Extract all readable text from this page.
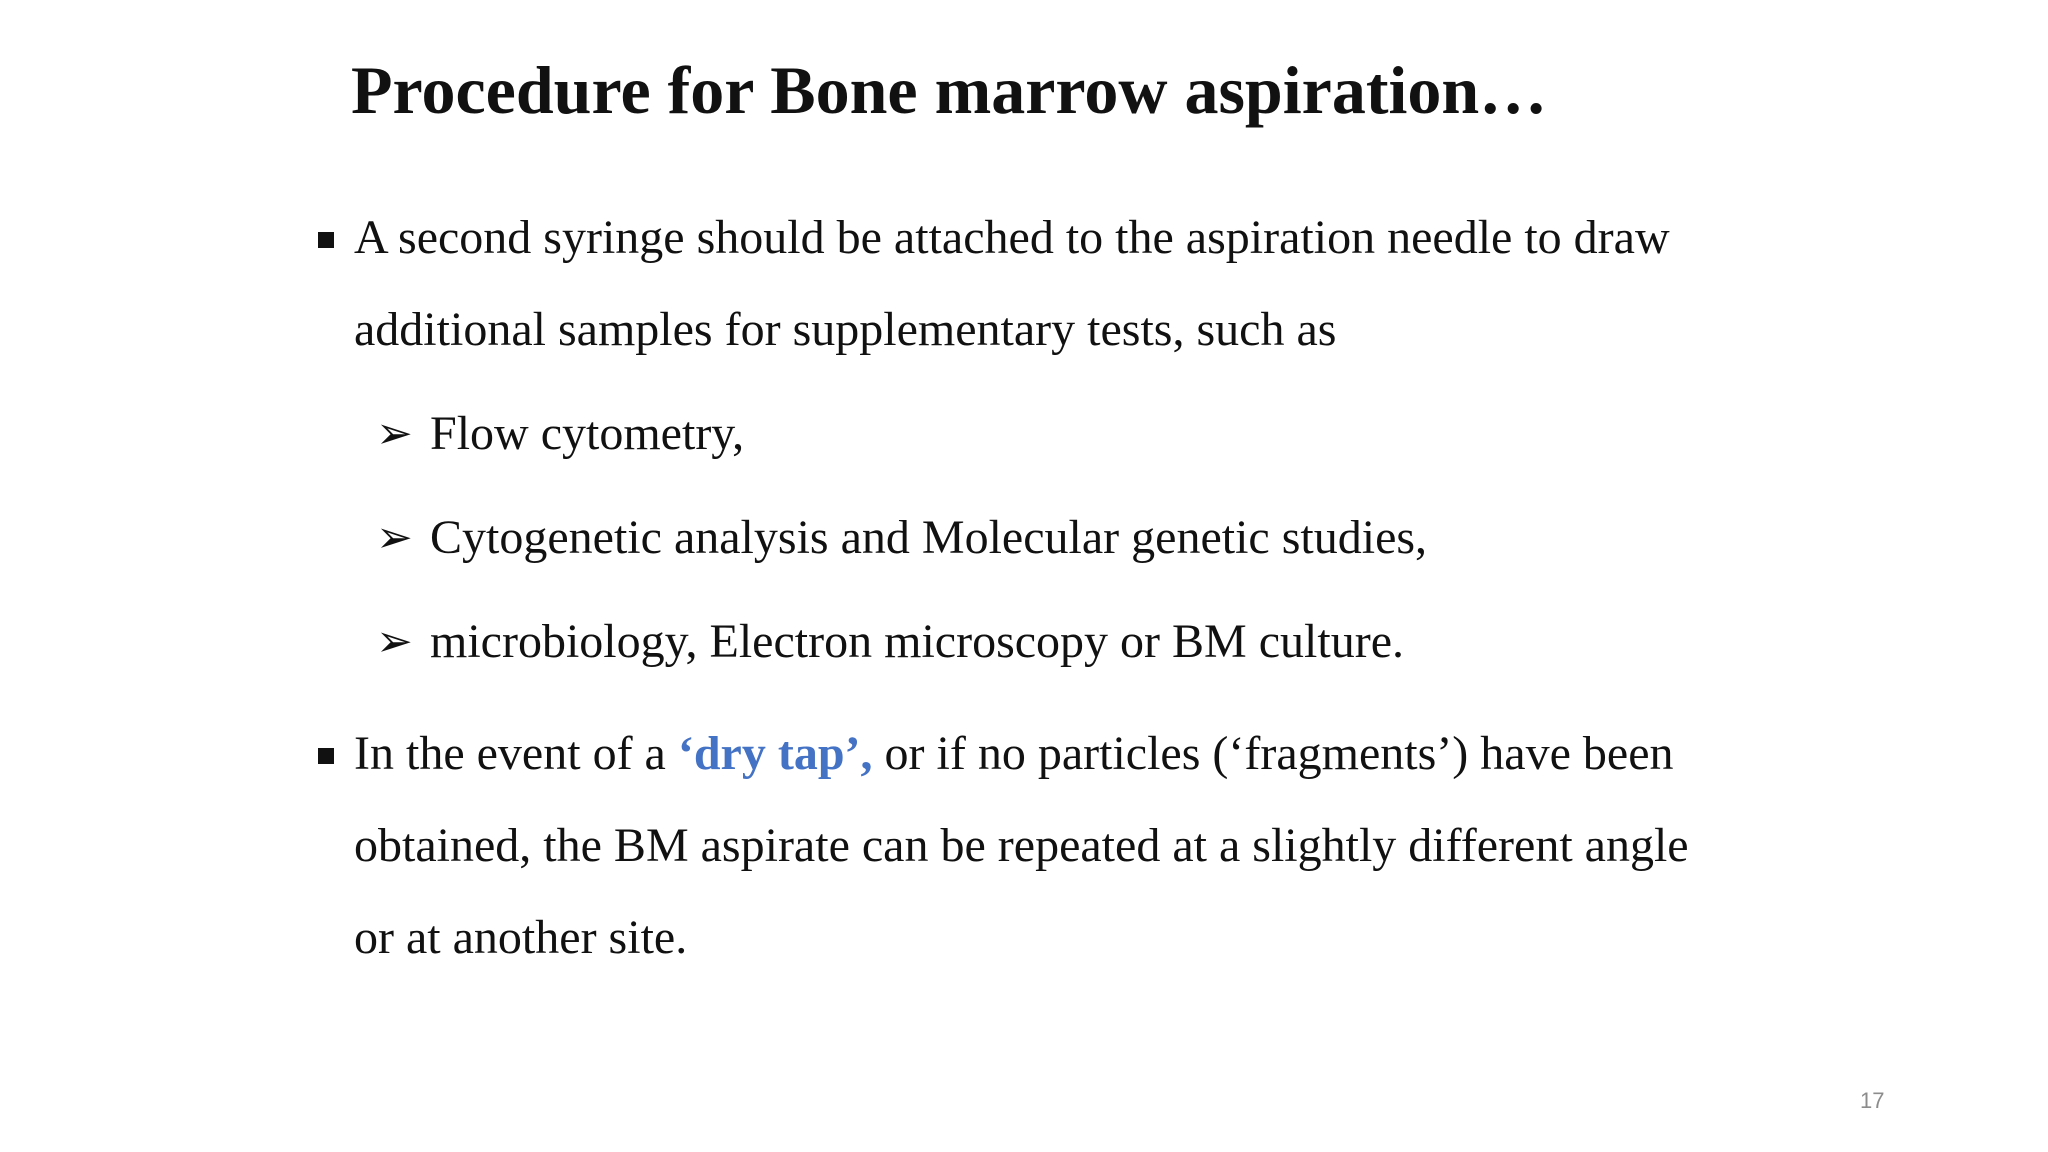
Procedure for Bone marrow aspiration…
A second syringe should be attached to the aspiration needle to draw additional samples for supplementary tests, such as
➢ Flow cytometry,
➢ Cytogenetic analysis and Molecular genetic studies,
➢ microbiology, Electron microscopy or BM culture.
In the event of a ‘dry tap’, or if no particles (‘fragments’) have been obtained, the BM aspirate can be repeated at a slightly different angle or at another site.
17
